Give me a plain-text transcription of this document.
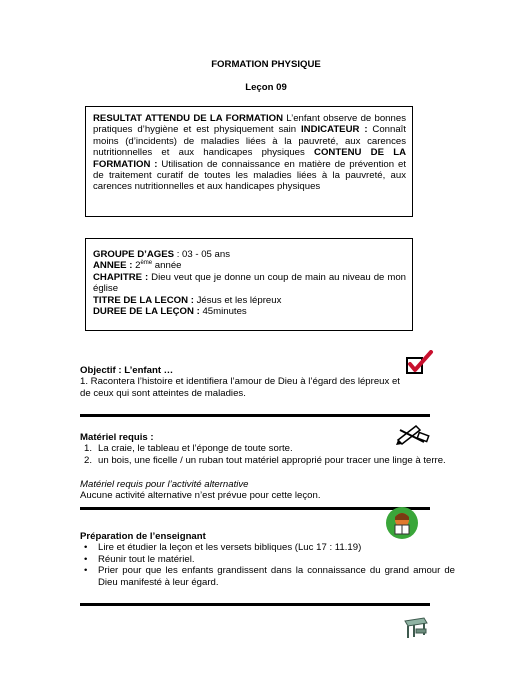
FORMATION PHYSIQUE
Leçon 09
RESULTAT ATTENDU DE LA FORMATION L’enfant observe de bonnes pratiques d’hygiène et est physiquement sain INDICATEUR : Connaît moins (d’incidents) de maladies liées à la pauvreté, aux carences nutritionnelles et aux handicapes physiques CONTENU DE LA FORMATION : Utilisation de connaissance en matière de prévention et de traitement curatif de toutes les maladies liées à la pauvreté, aux carences nutritionnelles et aux handicapes physiques
GROUPE D’AGES : 03 - 05 ans
ANNEE : 2ème année
CHAPITRE : Dieu veut que je donne un coup de main au niveau de mon église
TITRE DE LA LECON : Jésus et les lépreux
DUREE DE LA LEÇON : 45minutes
Objectif : L’enfant …
1. Racontera l’histoire et identifiera l’amour de Dieu à l’égard des lépreux et de ceux qui sont atteintes de maladies.
Matériel requis :
1. La craie, le tableau et l’éponge de toute sorte.
2. un bois, une ficelle / un ruban tout matériel approprié pour tracer une linge à terre.
Matériel requis pour l’activité alternative
Aucune activité alternative n’est prévue pour cette leçon.
Préparation de l’enseignant
• Lire et étudier la leçon et les versets bibliques (Luc 17 : 11.19)
• Réunir tout le matériel.
• Prier pour que les enfants grandissent dans la connaissance du grand amour de Dieu manifesté à leur égard.
